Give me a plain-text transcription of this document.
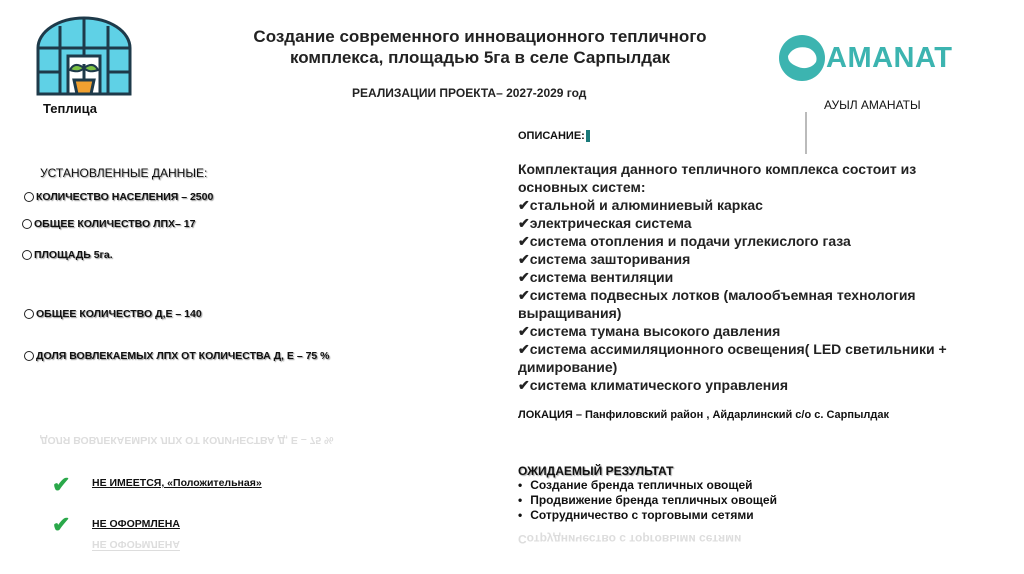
Теплица
Создание современного инновационного тепличного
комплекса, площадью 5га в селе Сарпылдак
РЕАЛИЗАЦИИ ПРОЕКТА– 2027-2029 год
AMANAT
АУЫЛ АМАНАТЫ
УСТАНОВЛЕННЫЕ ДАННЫЕ:
КОЛИЧЕСТВО НАСЕЛЕНИЯ – 2500
ОБЩЕЕ КОЛИЧЕСТВО ЛПХ– 17
ПЛОЩАДЬ 5га.
ОБЩЕЕ КОЛИЧЕСТВО Д,Е – 140
ДОЛЯ ВОВЛЕКАЕМЫХ ЛПХ ОТ КОЛИЧЕСТВА Д, Е – 75 %
ДОЛЯ ВОВЛЕКАЕМЫХ ЛПХ ОТ КОЛИЧЕСТВА Д, Е – 75 %
✔ НЕ ИМЕЕТСЯ, «Положительная»
✔ НЕ ОФОРМЛЕНА
НЕ ОФОРМЛЕНА
ОПИСАНИЕ:
Комплектация данного тепличного комплекса состоит из основных систем:
✔стальной и алюминиевый каркас
✔электрическая система
✔система отопления и подачи углекислого газа
✔система зашторивания
✔система вентиляции
✔система подвесных лотков (малообъемная технология выращивания)
✔система тумана высокого давления
✔система ассимиляционного освещения( LED светильники + димирование)
✔система климатического управления
ЛОКАЦИЯ – Панфиловский район , Айдарлинский с/о с. Сарпылдак
ОЖИДАЕМЫЙ РЕЗУЛЬТАТ
• Создание бренда тепличных овощей
• Продвижение бренда тепличных овощей
• Сотрудничество с торговыми сетями
Сотрудничество с торговыми сетями
